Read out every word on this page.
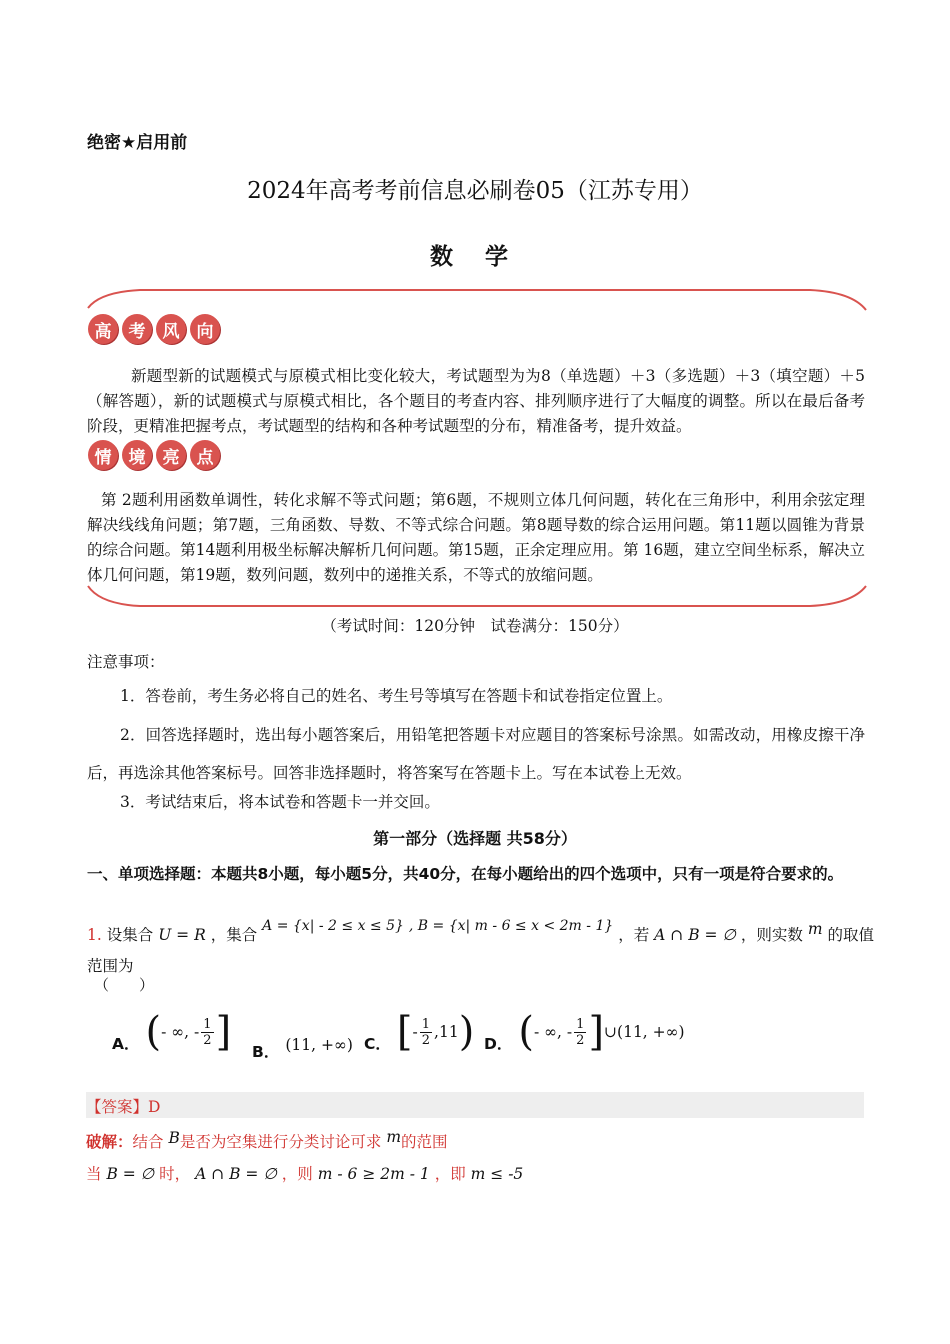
绝密★启用前
2024年高考考前信息必刷卷05（江苏专用）
数 学
高	考	风	向
新题型新的试题模式与原模式相比变化较大，考试题型为为8（单选题）＋3（多选题）＋3（填空题）＋5（解答题），新的试题模式与原模式相比，各个题目的考查内容、排列顺序进行了大幅度的调整。所以在最后备考阶段，更精准把握考点，考试题型的结构和各种考试题型的分布，精准备考，提升效益。
情	境	亮	点
第 2题利用函数单调性，转化求解不等式问题；第6题，不规则立体几何问题，转化在三角形中，利用余弦定理解决线线角问题；第7题，三角函数、导数、不等式综合问题。第8题导数的综合运用问题。第11题以圆锥为背景的综合问题。第14题利用极坐标解决解析几何问题。第15题，正余定理应用。第 16题，建立空间坐标系，解决立体几何问题，第19题，数列问题，数列中的递推关系，不等式的放缩问题。
（考试时间：120分钟　试卷满分：150分）
注意事项：
1．答卷前，考生务必将自己的姓名、考生号等填写在答题卡和试卷指定位置上。
2．回答选择题时，选出每小题答案后，用铅笔把答题卡对应题目的答案标号涂黑。如需改动，用橡皮擦干净后，再选涂其他答案标号。回答非选择题时，将答案写在答题卡上。写在本试卷上无效。
3．考试结束后，将本试卷和答题卡一并交回。
第一部分（选择题 共58分）
一、单项选择题：本题共8小题，每小题5分，共40分，在每小题给出的四个选项中，只有一项是符合要求的。
1. 设集合 U = R ，集合 A = {x| - 2 ≤ x ≤ 5} , B = {x| m - 6 ≤ x < 2m - 1} ，若 A ∩ B = ∅ ，则实数 m 的取值范围为
（　　）
A． ( - ∞, - $\frac{1}{2}$ ] B． (11, +∞) C． [ - $\frac{1}{2} ,11$ ) D． ( - ∞, - $\frac{1}{2}$ ] ∪(11, +∞)
【答案】D
破解：结合 B是否为空集进行分类讨论可求 m的范围
当 B = ∅ 时， A ∩ B = ∅ ，则 m - 6 ≥ 2m - 1 ，即 m ≤ -5
